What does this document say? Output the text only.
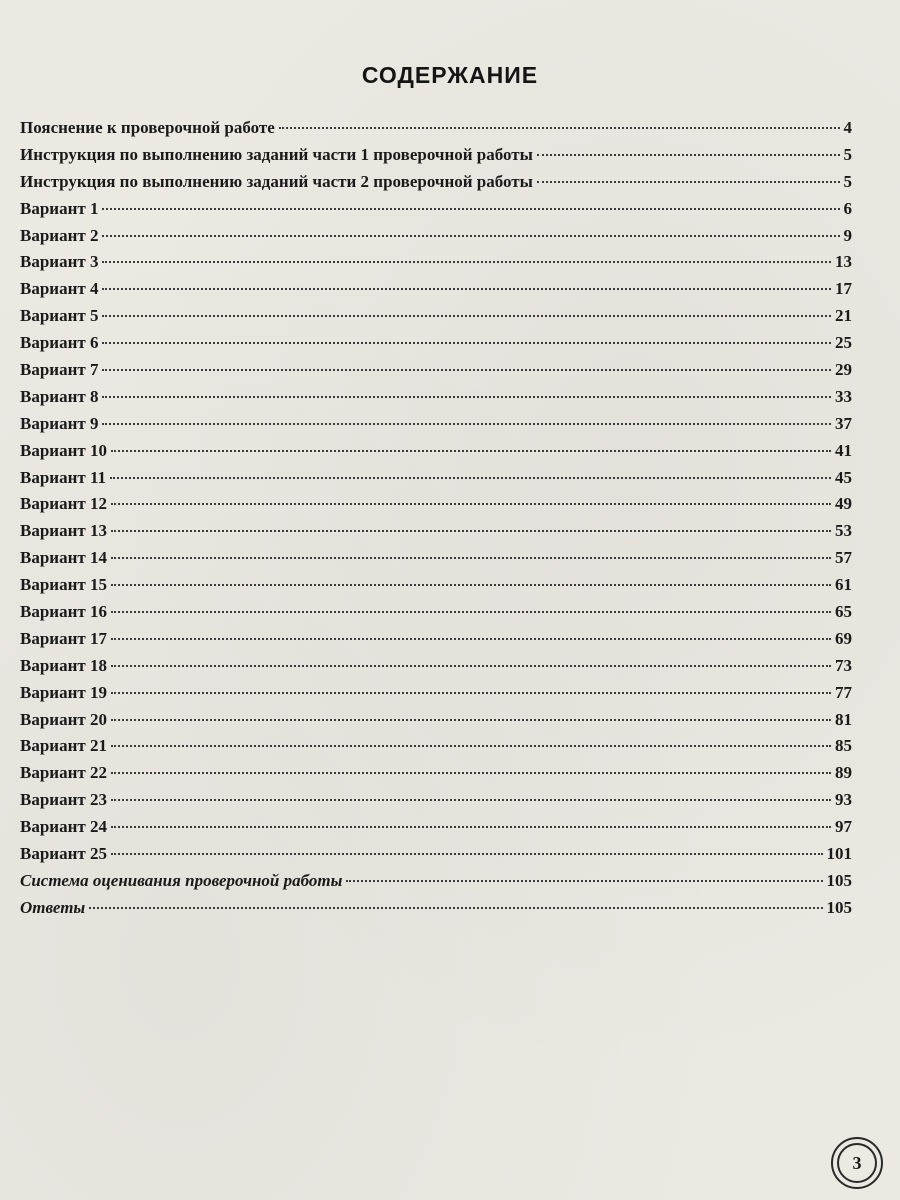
СОДЕРЖАНИЕ
Пояснение к проверочной работе	4
Инструкция по выполнению заданий части 1 проверочной работы	5
Инструкция по выполнению заданий части 2 проверочной работы	5
Вариант 1	6
Вариант 2	9
Вариант 3	13
Вариант 4	17
Вариант 5	21
Вариант 6	25
Вариант 7	29
Вариант 8	33
Вариант 9	37
Вариант 10	41
Вариант 11	45
Вариант 12	49
Вариант 13	53
Вариант 14	57
Вариант 15	61
Вариант 16	65
Вариант 17	69
Вариант 18	73
Вариант 19	77
Вариант 20	81
Вариант 21	85
Вариант 22	89
Вариант 23	93
Вариант 24	97
Вариант 25	101
Система оценивания проверочной работы	105
Ответы	105
3
